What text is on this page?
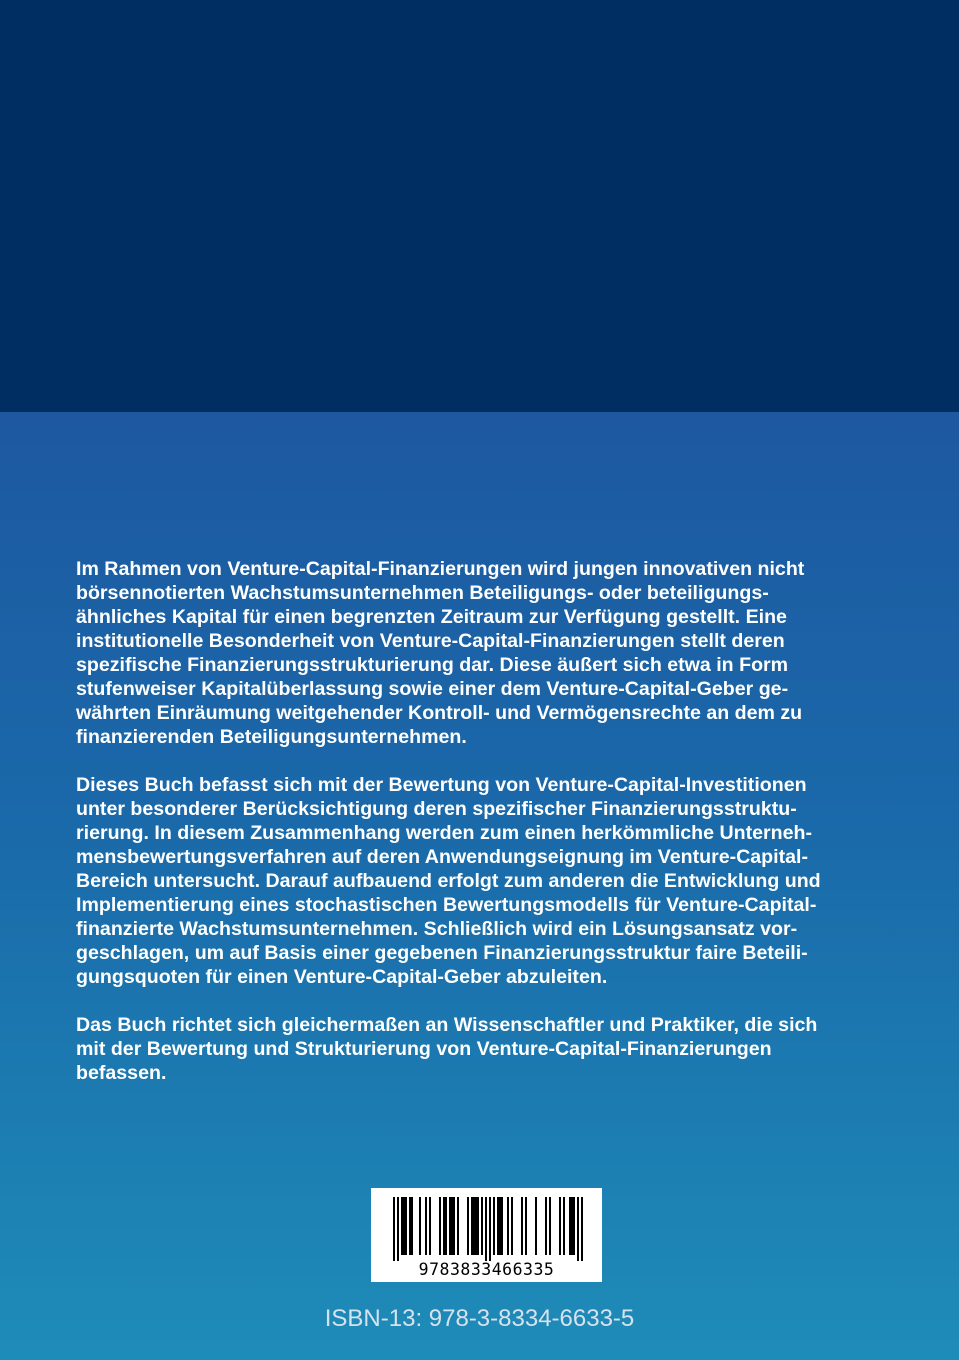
Im Rahmen von Venture-Capital-Finanzierungen wird jungen innovativen nicht
börsennotierten Wachstumsunternehmen Beteiligungs- oder beteiligungs-
ähnliches Kapital für einen begrenzten Zeitraum zur Verfügung gestellt. Eine
institutionelle Besonderheit von Venture-Capital-Finanzierungen stellt deren
spezifische Finanzierungsstrukturierung dar. Diese äußert sich etwa in Form
stufenweiser Kapitalüberlassung sowie einer dem Venture-Capital-Geber ge-
währten Einräumung weitgehender Kontroll- und Vermögensrechte an dem zu
finanzierenden Beteiligungsunternehmen.

Dieses Buch befasst sich mit der Bewertung von Venture-Capital-Investitionen
unter besonderer Berücksichtigung deren spezifischer Finanzierungsstruktu-
rierung. In diesem Zusammenhang werden zum einen herkömmliche Unterneh-
mensbewertungsverfahren auf deren Anwendungseignung im Venture-Capital-
Bereich untersucht. Darauf aufbauend erfolgt zum anderen die Entwicklung und
Implementierung eines stochastischen Bewertungsmodells für Venture-Capital-
finanzierte Wachstumsunternehmen. Schließlich wird ein Lösungsansatz vor-
geschlagen, um auf Basis einer gegebenen Finanzierungsstruktur faire Beteili-
gungsquoten für einen Venture-Capital-Geber abzuleiten.

Das Buch richtet sich gleichermaßen an Wissenschaftler und Praktiker, die sich
mit der Bewertung und Strukturierung von Venture-Capital-Finanzierungen
befassen.

9783833466335
ISBN-13: 978-3-8334-6633-5
